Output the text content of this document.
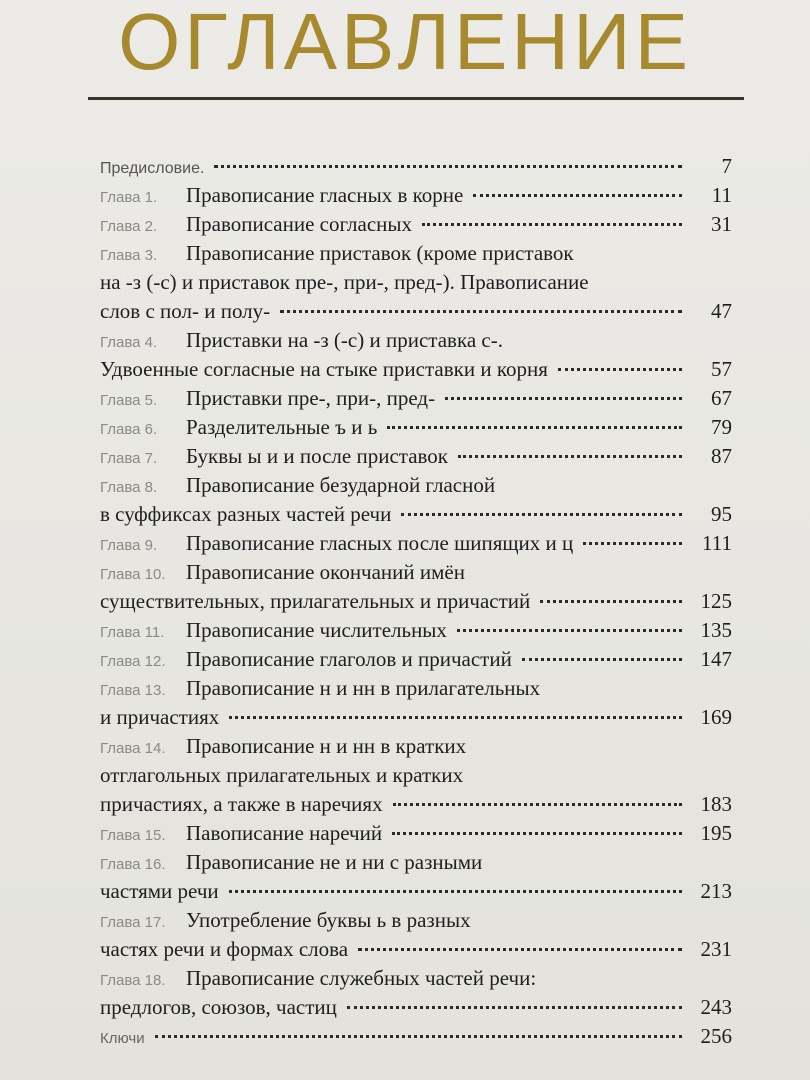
ОГЛАВЛЕНИЕ
Предисловие.	7
Глава 1.	Правописание гласных в корне	11
Глава 2.	Правописание согласных	31
Глава 3.	Правописание приставок (кроме приставок
на -з (-с) и приставок пре-, при-, пред-). Правописание
слов с пол- и полу-	47
Глава 4.	Приставки на -з (-с) и приставка с-.
Удвоенные согласные на стыке приставки и корня	57
Глава 5.	Приставки пре-, при-, пред-	67
Глава 6.	Разделительные ъ и ь	79
Глава 7.	Буквы ы и и после приставок	87
Глава 8.	Правописание безударной гласной
в суффиксах разных частей речи	95
Глава 9.	Правописание гласных после шипящих и ц	111
Глава 10. Правописание окончаний имён
существительных, прилагательных и причастий	125
Глава 11.	Правописание числительных	135
Глава 12. Правописание глаголов и причастий	147
Глава 13. Правописание н и нн в прилагательных
и причастиях	169
Глава 14. Правописание н и нн в кратких
отглагольных прилагательных и кратких
причастиях, а также в наречиях	183
Глава 15. Павописание наречий	195
Глава 16. Правописание не и ни с разными
частями речи	213
Глава 17. Употребление буквы ь в разных
частях речи и формах слова	231
Глава 18. Правописание служебных частей речи:
предлогов, союзов, частиц	243
Ключи	256
